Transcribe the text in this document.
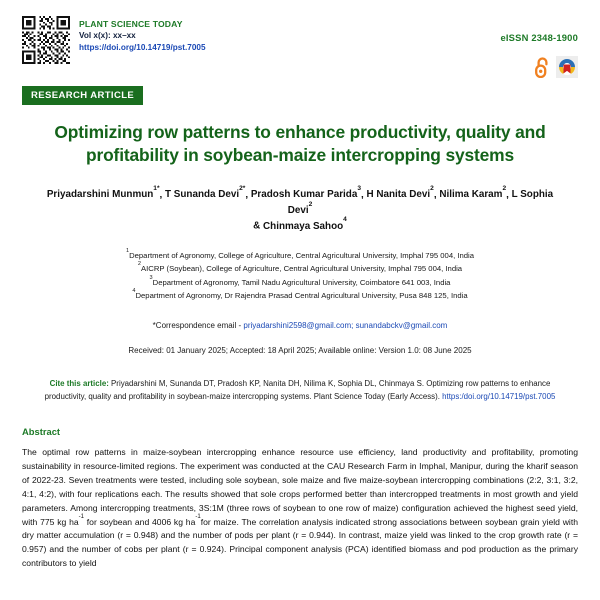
PLANT SCIENCE TODAY
Vol x(x): xx–xx
https://doi.org/10.14719/pst.7005
eISSN 2348-1900
RESEARCH ARTICLE
Optimizing row patterns to enhance productivity, quality and profitability in soybean-maize intercropping systems
Priyadarshini Munmun$^{1*}$, T Sunanda Devi$^{2*}$, Pradosh Kumar Parida$^3$, H Nanita Devi$^2$, Nilima Karam$^2$, L Sophia Devi$^2$
& Chinmaya Sahoo$^4$
$^1$Department of Agronomy, College of Agriculture, Central Agricultural University, Imphal 795 004, India
$^2$AICRP (Soybean), College of Agriculture, Central Agricultural University, Imphal 795 004, India
$^3$Department of Agronomy, Tamil Nadu Agricultural University, Coimbatore 641 003, India
$^4$Department of Agronomy, Dr Rajendra Prasad Central Agricultural University, Pusa 848 125, India
*Correspondence email - priyadarshini2598@gmail.com; sunandabckv@gmail.com
Received: 01 January 2025; Accepted: 18 April 2025; Available online: Version 1.0: 08 June 2025
Cite this article: Priyadarshini M, Sunanda DT, Pradosh KP, Nanita DH, Nilima K, Sophia DL, Chinmaya S. Optimizing row patterns to enhance productivity, quality and profitability in soybean-maize intercropping systems. Plant Science Today (Early Access). https:/doi.org/10.14719/pst.7005
Abstract
The optimal row patterns in maize-soybean intercropping enhance resource use efficiency, land productivity and profitability, promoting sustainability in resource-limited regions. The experiment was conducted at the CAU Research Farm in Imphal, Manipur, during the kharif season of 2022-23. Seven treatments were tested, including sole soybean, sole maize and five maize-soybean intercropping combinations (2:2, 3:1, 3:2, 4:1, 4:2), with four replications each. The results showed that sole crops performed better than intercropped treatments in most growth and yield parameters. Among intercropping treatments, 3S:1M (three rows of soybean to one row of maize) configuration achieved the highest seed yield, with 775 kg $ha^{-1}$ for soybean and 4006 kg $ha^{-1}for$ maize. The correlation analysis indicated strong associations between soybean grain yield with dry matter accumulation (r = 0.948) and the number of pods per plant (r = 0.944). In contrast, maize yield was linked to the crop growth rate (r = 0.957) and the number of cobs per plant (r = 0.924). Principal component analysis (PCA) identified biomass and pod production as the primary contributors to yield
